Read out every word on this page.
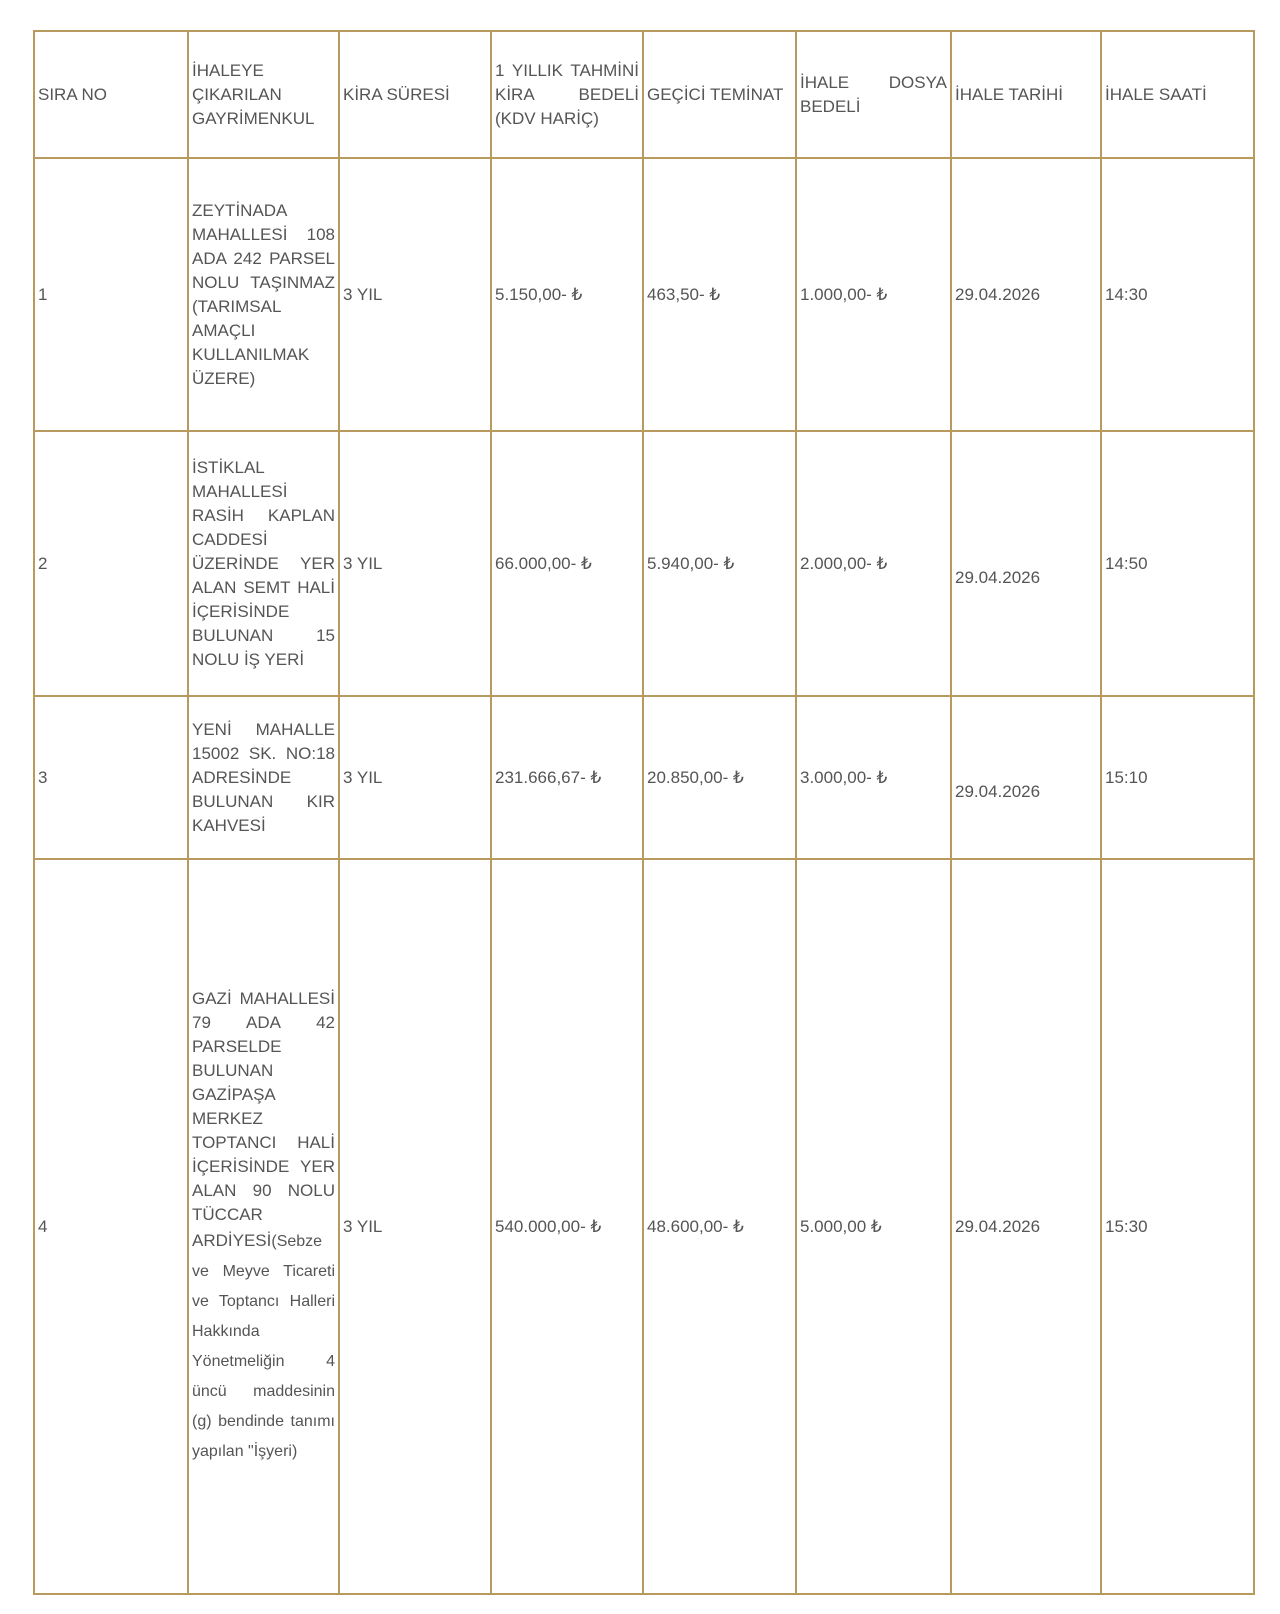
SIRA NO	İHALEYE ÇIKARILAN GAYRİMENKUL	KİRA SÜRESİ	1 YILLIK TAHMİNİ KİRA BEDELİ (KDV HARİÇ)	GEÇİCİ TEMİNAT	İHALE DOSYA BEDELİ	İHALE TARİHİ	İHALE SAATİ
1	ZEYTİNADA MAHALLESİ 108 ADA 242 PARSEL NOLU TAŞINMAZ (TARIMSAL AMAÇLI KULLANILMAK ÜZERE)	3 YIL	5.150,00- ₺	463,50- ₺	1.000,00- ₺	29.04.2026	14:30
2	İSTİKLAL MAHALLESİ RASİH KAPLAN CADDESİ ÜZERİNDE YER ALAN SEMT HALİ İÇERİSİNDE BULUNAN 15 NOLU İŞ YERİ	3 YIL	66.000,00- ₺	5.940,00- ₺	2.000,00- ₺	29.04.2026	14:50
3	YENİ MAHALLE 15002 SK. NO:18 ADRESİNDE BULUNAN KIR KAHVESİ	3 YIL	231.666,67- ₺	20.850,00- ₺	3.000,00- ₺	29.04.2026	15:10
4	GAZİ MAHALLESİ 79 ADA 42 PARSELDE BULUNAN GAZİPAŞA MERKEZ TOPTANCI HALİ İÇERİSİNDE YER ALAN 90 NOLU TÜCCAR ARDİYESİ(Sebze ve Meyve Ticareti ve Toptancı Halleri Hakkında Yönetmeliğin 4 üncü maddesinin (g) bendinde tanımı yapılan "İşyeri)	3 YIL	540.000,00- ₺	48.600,00- ₺	5.000,00 ₺	29.04.2026	15:30
